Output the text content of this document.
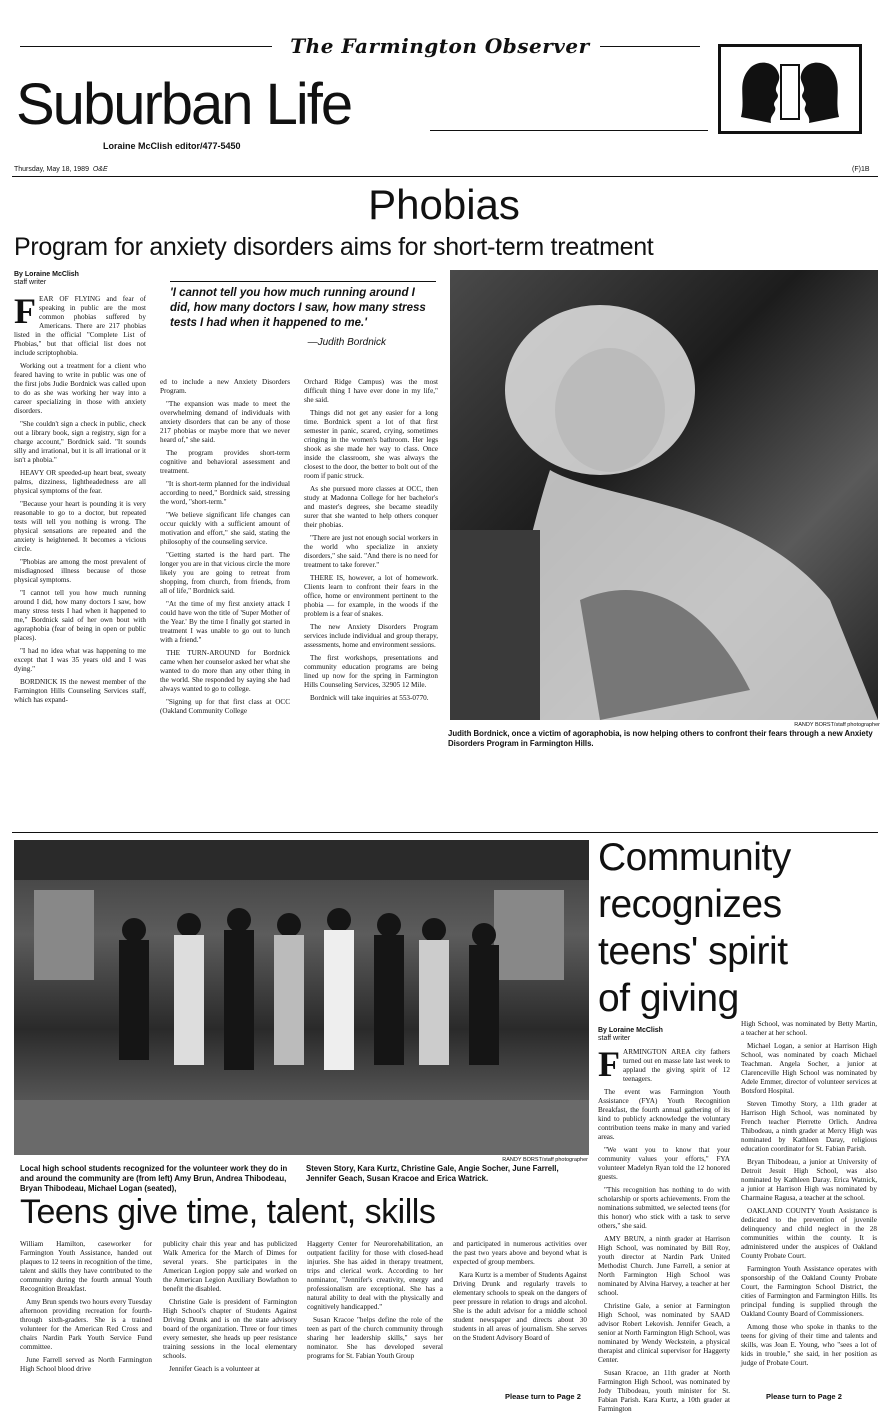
The Farmington Observer
Suburban Life
Loraine McClish editor/477-5450
Thursday, May 18, 1989 O&E	(F)1B
Phobias
Program for anxiety disorders aims for short-term treatment
By Loraine McClish
staff writer
'I cannot tell you how much running around I did, how many doctors I saw, how many stress tests I had when it happened to me.'
—Judith Bordnick
F EAR OF FLYING and fear of speaking in public are the most common phobias suffered by Americans. There are 217 phobias listed in the official "Complete List of Phobias," but that official list does not include scriptophobia.

Working out a treatment for a client who feared having to write in public was one of the first jobs Judie Bordnick was called upon to do as she was working her way into a career specializing in those with anxiety disorders.

"She couldn't sign a check in public, check out a library book, sign a registry, sign for a charge account," Bordnick said. "It sounds silly and irrational, but it is all irrational or it isn't a phobia."

HEAVY OR speeded-up heart beat, sweaty palms, dizziness, lightheadedness are all physical symptoms of the fear.

"Because your heart is pounding it is very reasonable to go to a doctor, but repeated tests will tell you nothing is wrong. The physical sensations are repeated and the anxiety is heightened. It becomes a vicious circle.

"Phobias are among the most prevalent of misdiagnosed illness because of those physical symptoms.

"I cannot tell you how much running around I did, how many doctors I saw, how many stress tests I had when it happened to me," Bordnick said of her own bout with agoraphobia (fear of being in open or public places).

"I had no idea what was happening to me except that I was 35 years old and I was dying."

BORDNICK IS the newest member of the Farmington Hills Counseling Services staff, which has expand-

ed to include a new Anxiety Disorders Program.

"The expansion was made to meet the overwhelming demand of individuals with anxiety disorders that can be any of those 217 phobias or maybe more that we never heard of," she said.

The program provides short-term cognitive and behavioral assessment and treatment.

"It is short-term planned for the individual according to need," Bordnick said, stressing the word, "short-term."

"We believe significant life changes can occur quickly with a sufficient amount of motivation and effort," she said, stating the philosophy of the counseling service.

"Getting started is the hard part. The longer you are in that vicious circle the more likely you are going to retreat from shopping, from church, from friends, from all of life," Bordnick said.

"At the time of my first anxiety attack I could have won the title of 'Super Mother of the Year.' By the time I finally got started in treatment I was unable to go out to lunch with a friend."

THE TURN-AROUND for Bordnick came when her counselor asked her what she wanted to do more than any other thing in the world. She responded by saying she had always wanted to go to college.

"Signing up for that first class at OCC (Oakland Community College

Orchard Ridge Campus) was the most difficult thing I have ever done in my life," she said.

Things did not get any easier for a long time. Bordnick spent a lot of that first semester in panic, scared, crying, sometimes cringing in the women's bathroom. Her legs shook as she made her way to class. Once inside the classroom, she was always the closest to the door, the better to bolt out of the room if panic struck.

As she pursued more classes at OCC, then study at Madonna College for her bachelor's and master's degrees, she became steadily surer that she wanted to help others conquer their phobias.

"There are just not enough social workers in the world who specialize in anxiety disorders," she said. "And there is no need for treatment to take forever."

THERE IS, however, a lot of homework. Clients learn to confront their fears in the office, home or environment pertinent to the phobia — for example, in the woods if the problem is a fear of snakes.

The new Anxiety Disorders Program services include individual and group therapy, assessments, home and environment sessions.

The first workshops, presentations and community education programs are being lined up now for the spring in Farmington Hills Counseling Services, 32905 12 Mile.

Bordnick will take inquiries at 553-0770.

RANDY BORST/staff photographer
Judith Bordnick, once a victim of agoraphobia, is now helping others to confront their fears through a new Anxiety Disorders Program in Farmington Hills.
RANDY BORST/staff photographer
Local high school students recognized for the volunteer work they do in and around the community are (from left) Amy Brun, Andrea Thibodeau, Bryan Thibodeau, Michael Logan (seated),
Steven Story, Kara Kurtz, Christine Gale, Angie Socher, June Farrell, Jennifer Geach, Susan Kracoe and Erica Watrick.
Community
recognizes
teens' spirit
of giving
By Loraine McClish
staff writer
F ARMINGTON AREA city fathers turned out en masse late last week to applaud the giving spirit of 12 teenagers.

The event was Farmington Youth Assistance (FYA) Youth Recognition Breakfast, the fourth annual gathering of its kind to publicly acknowledge the voluntary contribution teens make in many and varied areas.

"We want you to know that your community values your efforts," FYA volunteer Madelyn Ryan told the 12 honored guests.

"This recognition has nothing to do with scholarship or sports achievements. From the nominations submitted, we selected teens (for this honor) who stick with a task to serve others," she said.

AMY BRUN, a ninth grader at Harrison High School, was nominated by Bill Roy, youth director at Nardin Park United Methodist Church. June Farrell, a senior at North Farmington High School was nominated by Alvina Harvey, a teacher at her school.

Christine Gale, a senior at Farmington High School, was nominated by SAAD advisor Robert Lekovish. Jennifer Geach, a senior at North Farmington High School, was nominated by Wendy Weckstein, a physical therapist and clinical supervisor for Haggerty Center.

Susan Kracoe, an 11th grader at North Farmington High School, was nominated by Jody Thibodeau, youth minister for St. Fabian Parish. Kara Kurtz, a 10th grader at Farmington

High School, was nominated by Betty Martin, a teacher at her school.

Michael Logan, a senior at Harrison High School, was nominated by coach Michael Teachman. Angela Socher, a junior at Clarenceville High School was nominated by Adele Emmer, director of volunteer services at Botsford Hospital.

Steven Timothy Story, a 11th grader at Harrison High School, was nominated by French teacher Pierrette Orlich. Andrea Thibodeau, a ninth grader at Mercy High was nominated by Kathleen Daray, religious education coordinator for St. Fabian Parish.

Bryan Thibodeau, a junior at University of Detroit Jesuit High School, was also nominated by Kathleen Daray. Erica Watnick, a junior at Harrison High was nominated by Charmaine Ragusa, a teacher at the school.

OAKLAND COUNTY Youth Assistance is dedicated to the prevention of juvenile delinquency and child neglect in the 28 communities within the county. It is administered under the auspices of Oakland County Probate Court.

Farmington Youth Assistance operates with sponsorship of the Oakland County Probate Court, the Farmington School District, the cities of Farmington and Farmington Hills. Its principal funding is supplied through the Oakland County Board of Commissioners.

Among those who spoke in thanks to the teens for giving of their time and talents and skills, was Joan E. Young, who "sees a lot of kids in trouble," she said, in her position as judge of Probate Court.

Please turn to Page 2
Teens give time, talent, skills

William Hamilton, caseworker for Farmington Youth Assistance, handed out plaques to 12 teens in recognition of the time, talent and skills they have contributed to the community during the fourth annual Youth Recognition Breakfast.

Amy Brun spends two hours every Tuesday afternoon providing recreation for fourth- through sixth-graders. She is a trained volunteer for the American Red Cross and chairs Nardin Park Youth Service Fund committee.

June Farrell served as North Farmington High School blood drive

publicity chair this year and has publicized Walk America for the March of Dimes for several years. She participates in the American Legion poppy sale and worked on the American Legion Auxiliary Bowlathon to benefit the disabled.

Christine Gale is president of Farmington High School's chapter of Students Against Driving Drunk and is on the state advisory board of the organization. Three or four times every semester, she heads up peer resistance training sessions in the local elementary schools.

Jennifer Geach is a volunteer at

Haggerty Center for Neurorehabilitation, an outpatient facility for those with closed-head injuries. She has aided in therapy treatment, trips and clerical work. According to her nominator, "Jennifer's creativity, energy and professionalism are exceptional. She has a natural ability to deal with the physically and cognitively handicapped."

Susan Kracoe "helps define the role of the teen as part of the church community through sharing her leadership skills," says her nominator. She has developed several programs for St. Fabian Youth Group

and participated in numerous activities over the past two years above and beyond what is expected of group members.

Kara Kurtz is a member of Students Against Driving Drunk and regularly travels to elementary schools to speak on the dangers of peer pressure in relation to drugs and alcohol. She is the adult advisor for a middle school student newspaper and directs about 30 students in all areas of journalism. She serves on the Student Advisory Board of

Please turn to Page 2
